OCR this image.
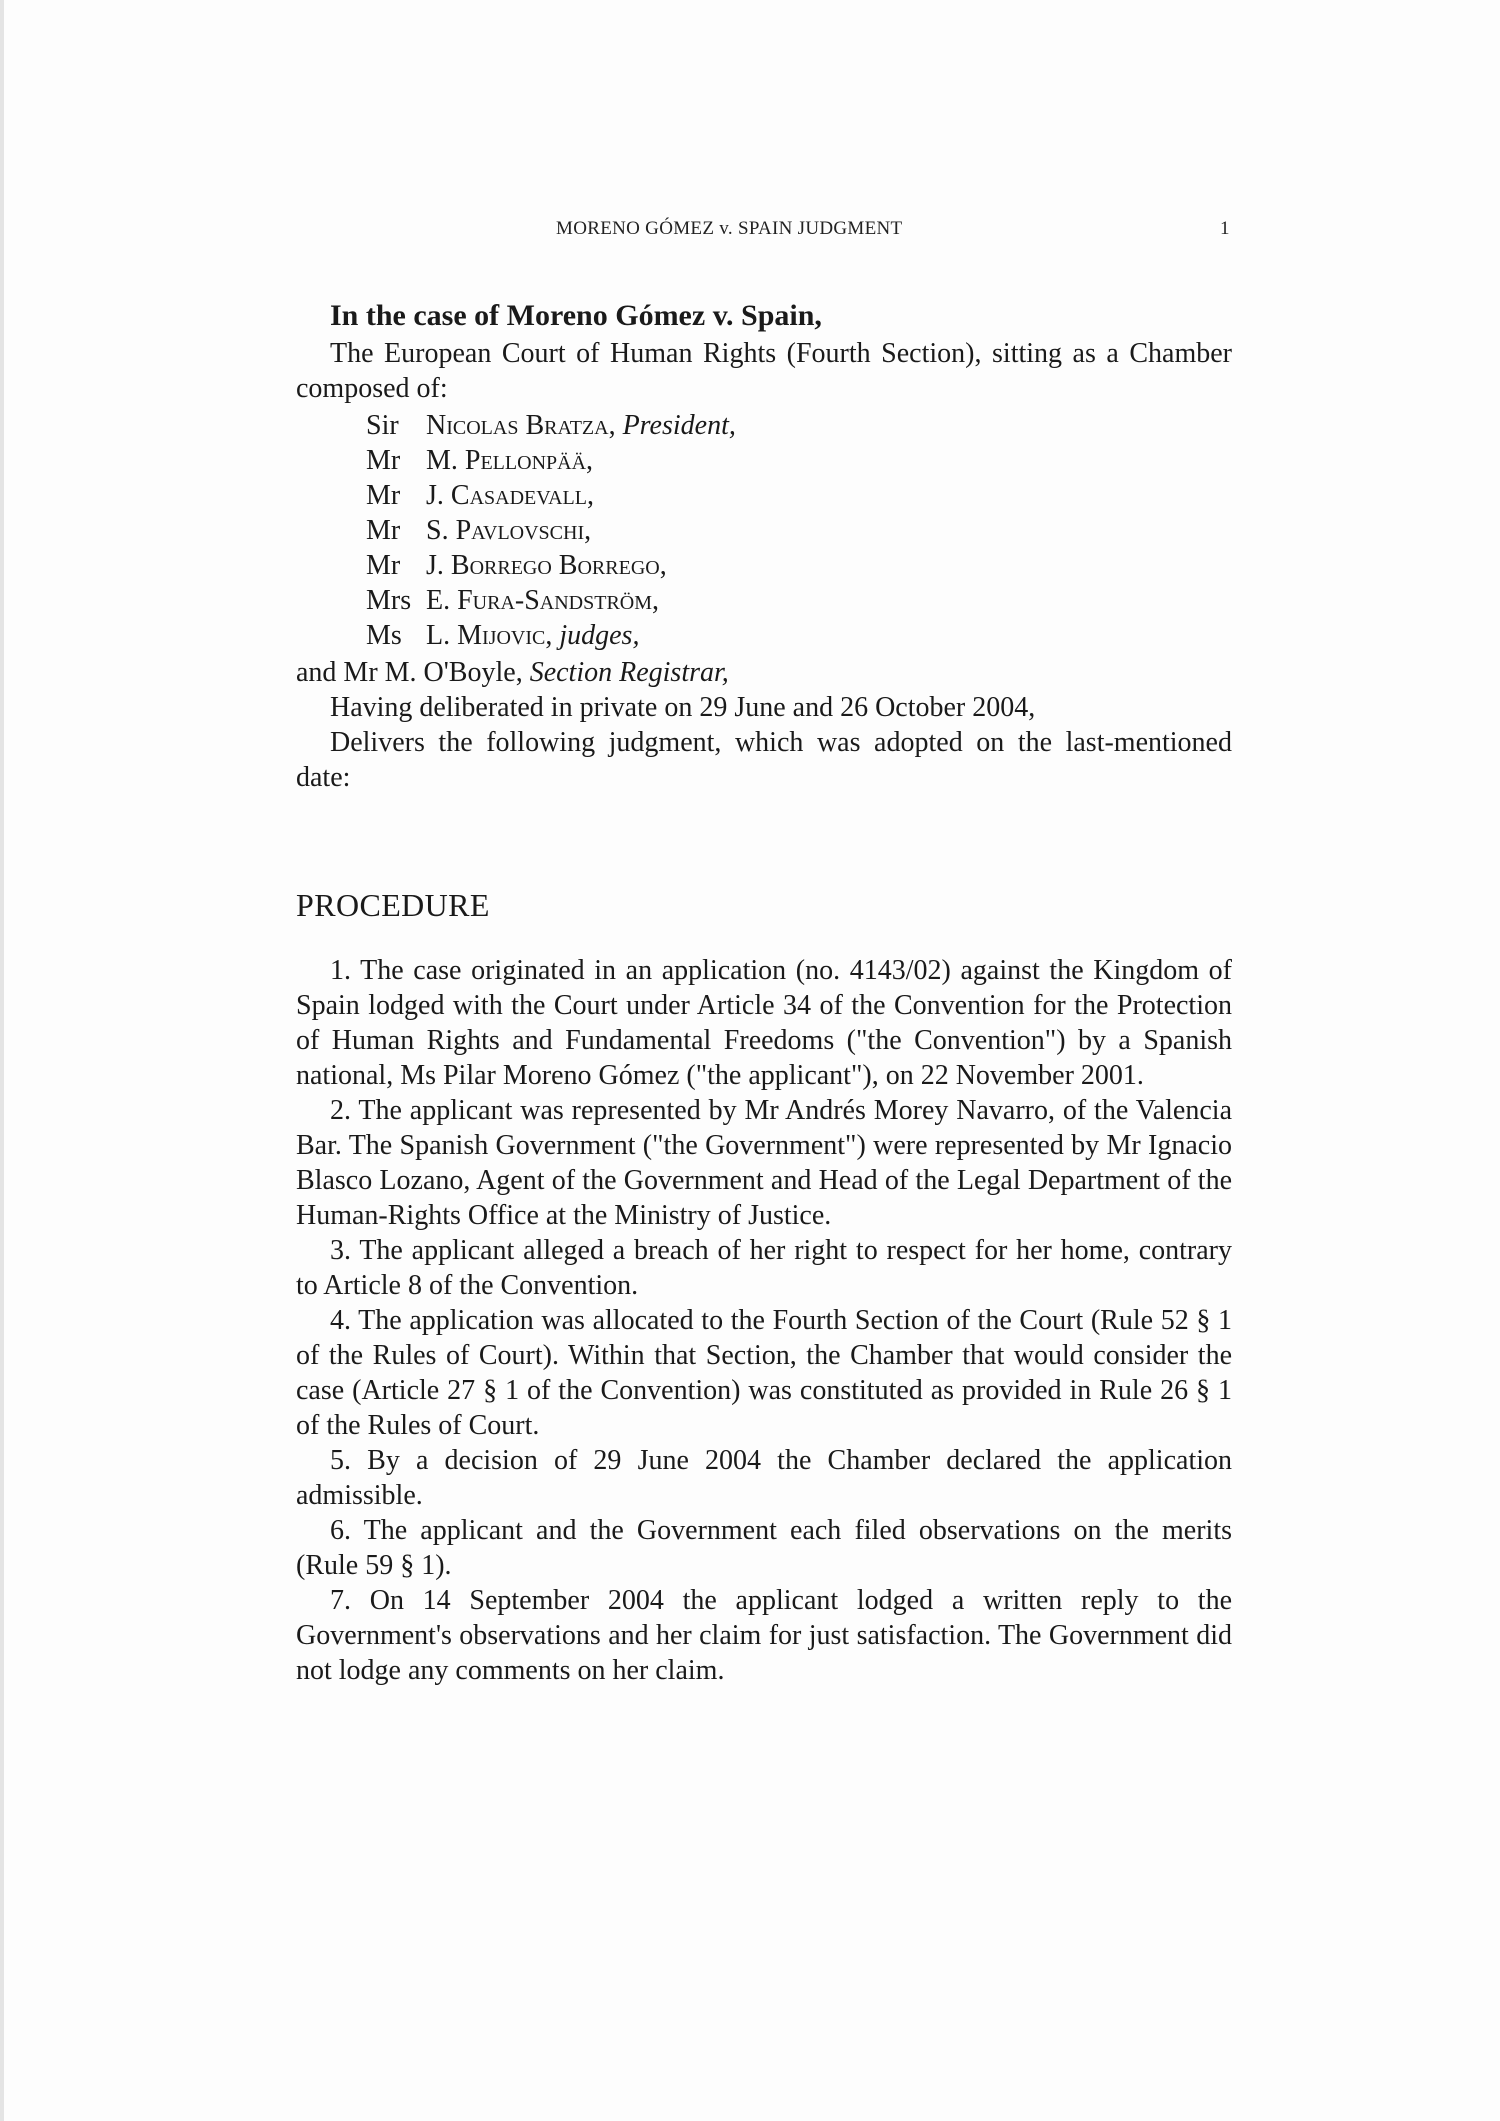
MORENO GÓMEZ v. SPAIN JUDGMENT	1
In the case of Moreno Gómez v. Spain,

The European Court of Human Rights (Fourth Section), sitting as a Chamber composed of:

Sir Nicolas Bratza, President,
Mr M. Pellonpää,
Mr J. Casadevall,
Mr S. Pavlovschi,
Mr J. Borrego Borrego,
Mrs E. Fura-Sandström,
Ms L. Mijovic, judges,

and Mr M. O'Boyle, Section Registrar,

Having deliberated in private on 29 June and 26 October 2004,

Delivers the following judgment, which was adopted on the last-mentioned date:

PROCEDURE

1. The case originated in an application (no. 4143/02) against the Kingdom of Spain lodged with the Court under Article 34 of the Convention for the Protection of Human Rights and Fundamental Freedoms ("the Convention") by a Spanish national, Ms Pilar Moreno Gómez ("the applicant"), on 22 November 2001.

2. The applicant was represented by Mr Andrés Morey Navarro, of the Valencia Bar. The Spanish Government ("the Government") were represented by Mr Ignacio Blasco Lozano, Agent of the Government and Head of the Legal Department of the Human-Rights Office at the Ministry of Justice.

3. The applicant alleged a breach of her right to respect for her home, contrary to Article 8 of the Convention.

4. The application was allocated to the Fourth Section of the Court (Rule 52 § 1 of the Rules of Court). Within that Section, the Chamber that would consider the case (Article 27 § 1 of the Convention) was constituted as provided in Rule 26 § 1 of the Rules of Court.

5. By a decision of 29 June 2004 the Chamber declared the application admissible.

6. The applicant and the Government each filed observations on the merits (Rule 59 § 1).

7. On 14 September 2004 the applicant lodged a written reply to the Government's observations and her claim for just satisfaction. The Government did not lodge any comments on her claim.
